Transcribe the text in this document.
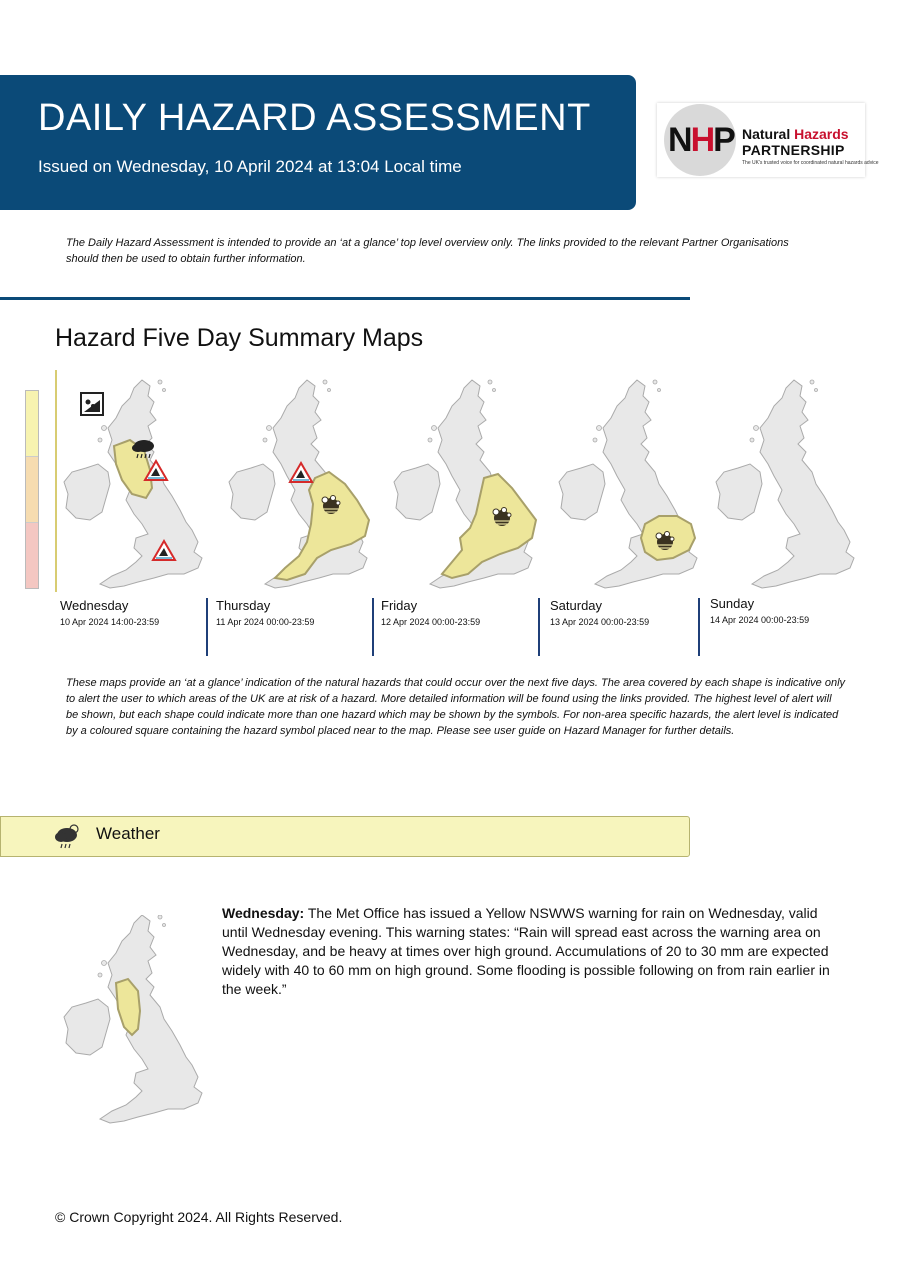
DAILY HAZARD ASSESSMENT
Issued on Wednesday, 10 April 2024 at 13:04 Local time
NHP Natural Hazards
PARTNERSHIP
The UK's trusted voice for coordinated natural hazards advice
The Daily Hazard Assessment is intended to provide an ‘at a glance’ top level overview only. The links provided to the relevant Partner Organisations should then be used to obtain further information.
Hazard Five Day Summary Maps
Wednesday
10 Apr 2024 14:00-23:59
Thursday
11 Apr 2024 00:00-23:59
Friday
12 Apr 2024 00:00-23:59
Saturday
13 Apr 2024 00:00-23:59
Sunday
14 Apr 2024 00:00-23:59
These maps provide an ‘at a glance’ indication of the natural hazards that could occur over the next five days. The area covered by each shape is indicative only to alert the user to which areas of the UK are at risk of a hazard. More detailed information will be found using the links provided. The highest level of alert will be shown, but each shape could indicate more than one hazard which may be shown by the symbols. For non-area specific hazards, the alert level is indicated by a coloured square containing the hazard symbol placed near to the map. Please see user guide on Hazard Manager for further details.
Weather
Wednesday: The Met Office has issued a Yellow NSWWS warning for rain on Wednesday, valid until Wednesday evening. This warning states: “Rain will spread east across the warning area on Wednesday, and be heavy at times over high ground. Accumulations of 20 to 30 mm are expected widely with 40 to 60 mm on high ground. Some flooding is possible following on from rain earlier in the week.”
© Crown Copyright 2024. All Rights Reserved.
